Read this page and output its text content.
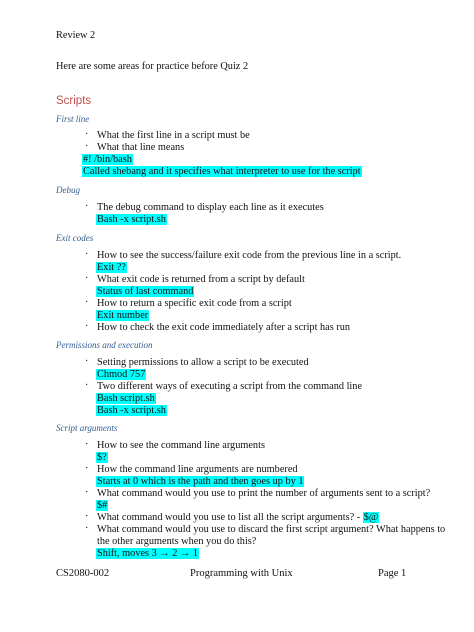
Review 2
Here are some areas for practice before Quiz 2
Scripts
First line
· What the first line in a script must be
· What that line means
#! /bin/bash
Called shebang and it specifies what interpreter to use for the script
Debug
· The debug command to display each line as it executes
Bash -x script.sh
Exit codes
· How to see the success/failure exit code from the previous line in a script.
Exit ??
· What exit code is returned from a script by default
Status of last command
· How to return a specific exit code from a script
Exit number
· How to check the exit code immediately after a script has run
Permissions and execution
· Setting permissions to allow a script to be executed
Chmod 757
· Two different ways of executing a script from the command line
Bash script.sh
Bash -x script.sh
Script arguments
· How to see the command line arguments
$?
· How the command line arguments are numbered
Starts at 0 which is the path and then goes up by 1
· What command would you use to print the number of arguments sent to a script?
$#
· What command would you use to list all the script arguments? - $@
· What command would you use to discard the first script argument? What happens to
the other arguments when you do this?
Shift, moves 3 → 2 → 1
CS2080-002	Programming with Unix	Page 1
